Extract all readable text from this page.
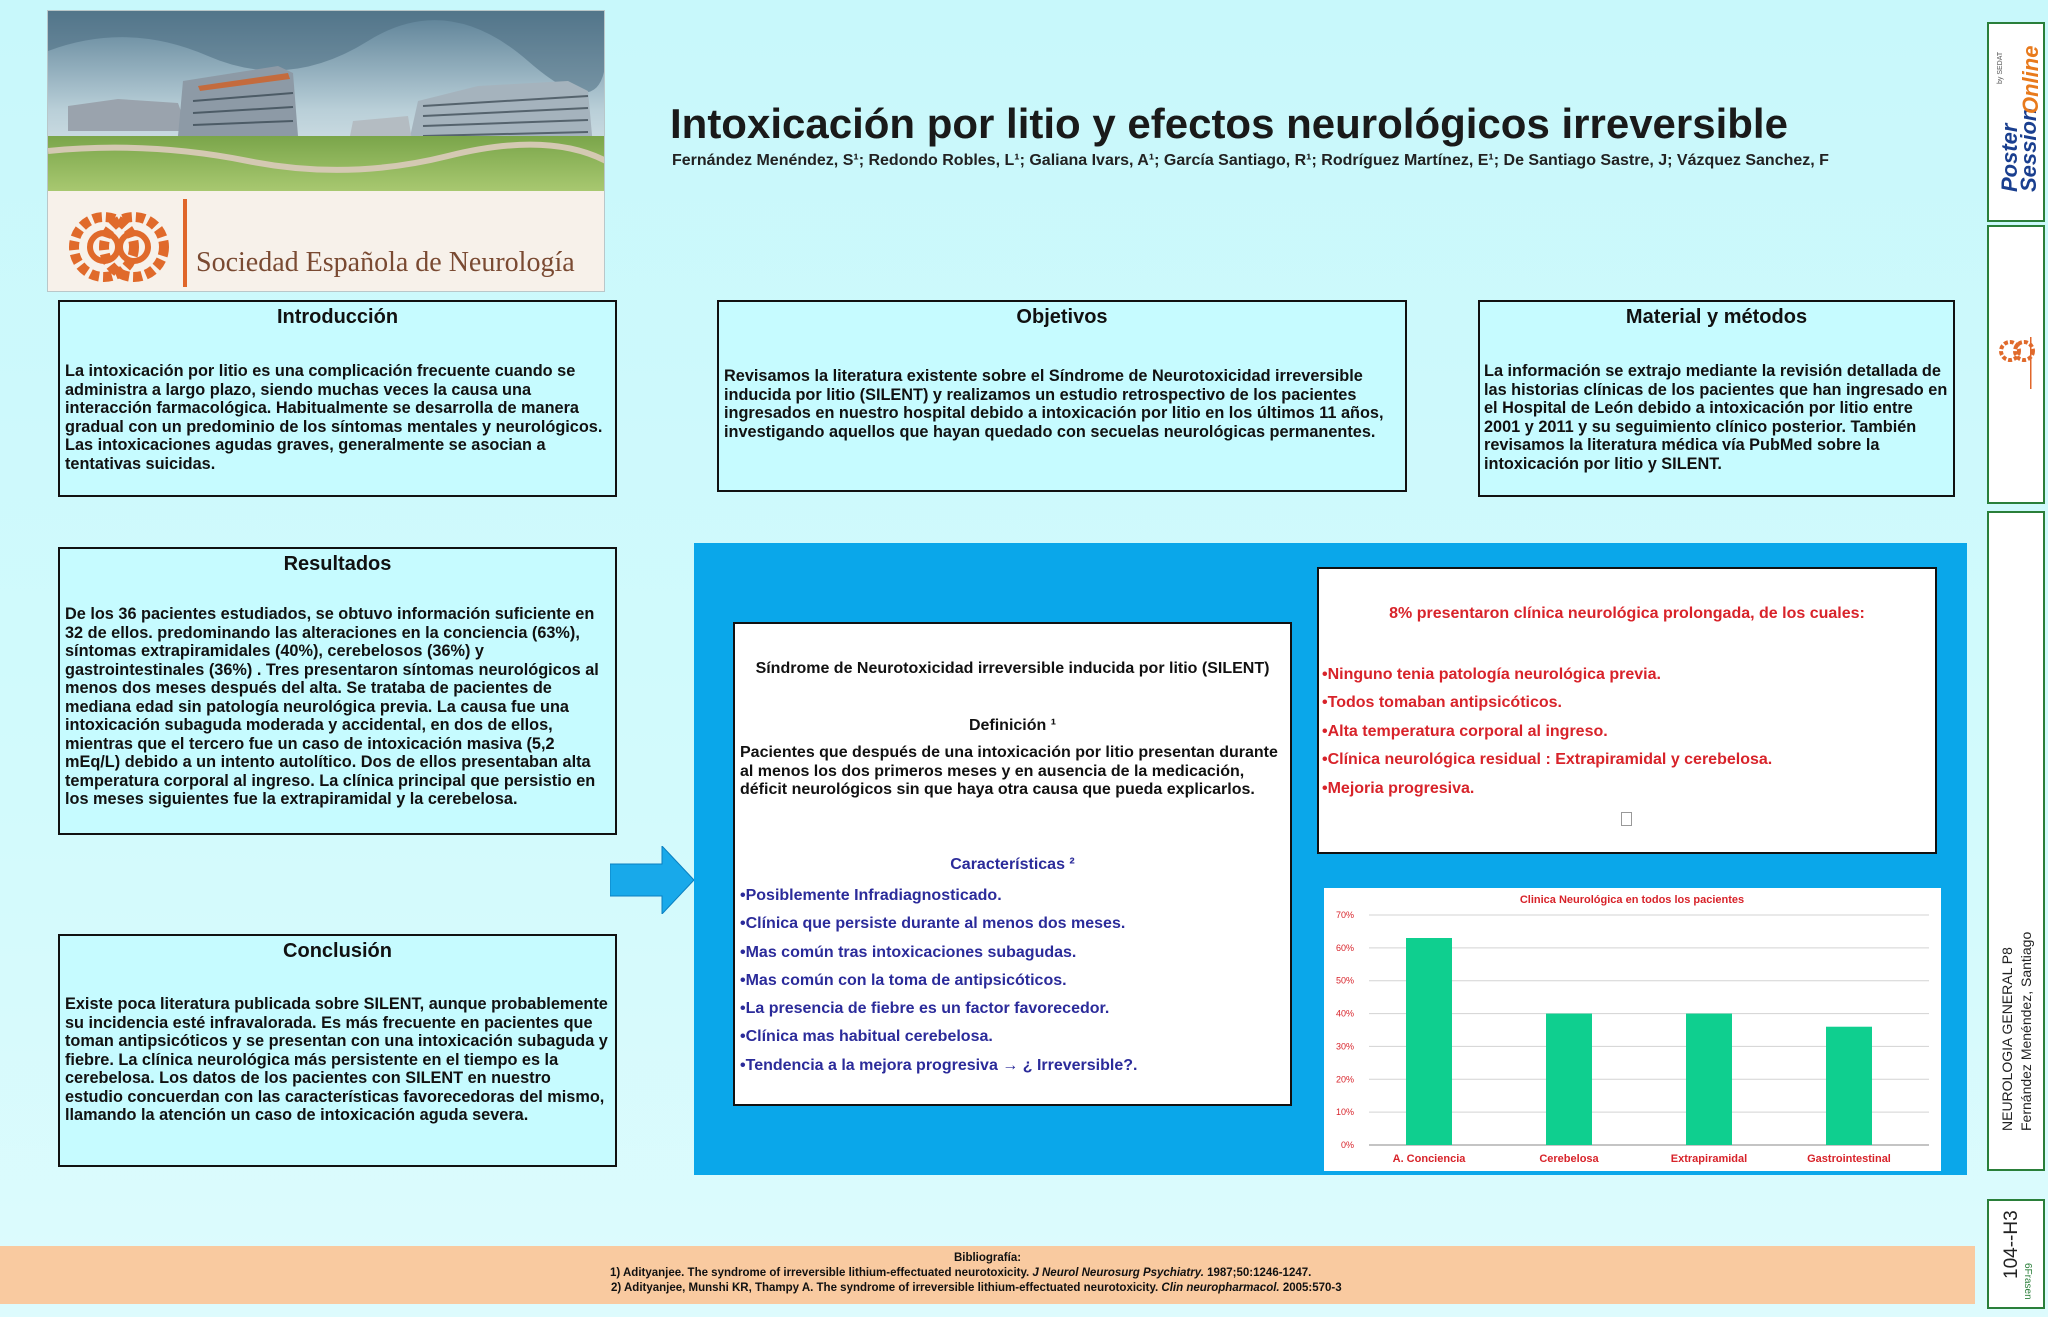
Sociedad Española de Neurología
Intoxicación por litio y efectos neurológicos irreversible
Fernández Menéndez, S¹; Redondo Robles, L¹; Galiana Ivars, A¹; García Santiago, R¹; Rodríguez Martínez, E¹; De Santiago Sastre, J; Vázquez Sanchez, F
Introducción

La intoxicación por litio es una complicación frecuente cuando se administra a largo plazo, siendo muchas veces la causa una interacción farmacológica. Habitualmente se desarrolla de manera gradual con un predominio de los síntomas mentales y neurológicos. Las intoxicaciones agudas graves, generalmente se asocian a tentativas suicidas.

Objetivos

Revisamos la literatura existente sobre el Síndrome de Neurotoxicidad irreversible inducida por litio (SILENT) y realizamos un estudio retrospectivo de los pacientes ingresados en nuestro hospital debido a intoxicación por litio en los últimos 11 años, investigando aquellos que hayan quedado con secuelas neurológicas permanentes.

Material y métodos

La información se extrajo mediante la revisión detallada de las historias clínicas de los pacientes que han ingresado en el Hospital de León debido a intoxicación por litio entre 2001 y 2011 y su seguimiento clínico posterior. También revisamos la literatura médica vía PubMed sobre la intoxicación por litio y SILENT.

Resultados

De los 36 pacientes estudiados, se obtuvo información suficiente en 32 de ellos. predominando las alteraciones en la conciencia (63%), síntomas extrapiramidales (40%), cerebelosos (36%) y gastrointestinales (36%) . Tres presentaron síntomas neurológicos al menos dos meses después del alta. Se trataba de pacientes de mediana edad sin patología neurológica previa. La causa fue una intoxicación subaguda moderada y accidental, en dos de ellos, mientras que el tercero fue un caso de intoxicación masiva (5,2 mEq/L) debido a un intento autolítico. Dos de ellos presentaban alta temperatura corporal al ingreso. La clínica principal que persistio en los meses siguientes fue la extrapiramidal y la cerebelosa.

Conclusión

Existe poca literatura publicada sobre SILENT, aunque probablemente su incidencia esté infravalorada. Es más frecuente en pacientes que toman antipsicóticos y se presentan con una intoxicación subaguda y fiebre. La clínica neurológica más persistente en el tiempo es la cerebelosa. Los datos de los pacientes con SILENT en nuestro estudio concuerdan con las características favorecedoras del mismo, llamando la atención un caso de intoxicación aguda severa.

Síndrome de Neurotoxicidad irreversible inducida por litio (SILENT)
Definición ¹
Pacientes que después de una intoxicación por litio presentan durante al menos los dos primeros meses y en ausencia de la medicación, déficit neurológicos sin que haya otra causa que pueda explicarlos.
Características ²
•Posiblemente Infradiagnosticado.
•Clínica que persiste durante al menos dos meses.
•Mas común tras intoxicaciones subagudas.
•Mas común con la toma de antipsicóticos.
•La presencia de fiebre es un factor favorecedor.
•Clínica mas habitual cerebelosa.
•Tendencia a la mejora progresiva → ¿ Irreversible?.
8% presentaron clínica neurológica prolongada, de los cuales:
•Ninguno tenia patología neurológica previa.
•Todos tomaban antipsicóticos.
•Alta temperatura corporal al ingreso.
•Clínica neurológica residual : Extrapiramidal y cerebelosa.
•Mejoria progresiva.
Clinica Neurológica en todos los pacientes
0%
10%
20%
30%
40%
50%
60%
70%
A. Conciencia	Cerebelosa	Extrapiramidal	Gastrointestinal
Bibliografía:
1) Adityanjee. The syndrome of irreversible lithium-effectuated neurotoxicity. J Neurol Neurosurg Psychiatry. 1987;50:1246-1247.
2) Adityanjee, Munshi KR, Thampy A. The syndrome of irreversible lithium-effectuated neurotoxicity. Clin neuropharmacol. 2005:570-3
Poster
Session
Online
by SEDAT
NEUROLOGIA GENERAL P8 Fernández Menéndez, Santiago
104--H3
6Frasen
